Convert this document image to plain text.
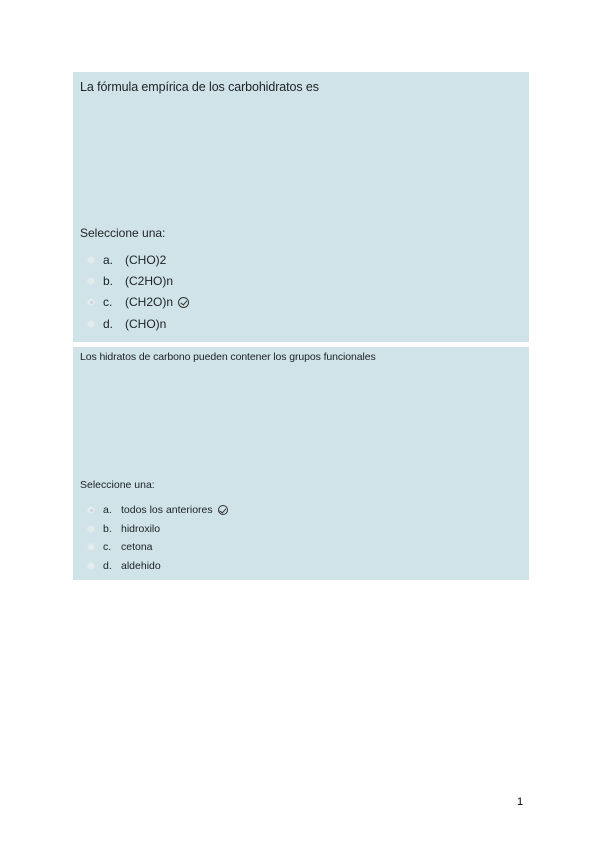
La fórmula empírica de los carbohidratos es
Seleccione una:
a. (CHO)2
b. (C2HO)n
c.	(CH2O)n
d. (CHO)n
Los hidratos de carbono pueden contener los grupos funcionales
Seleccione una:
a. todos los anteriores
b. hidroxilo
c. cetona
d. aldehido
1
